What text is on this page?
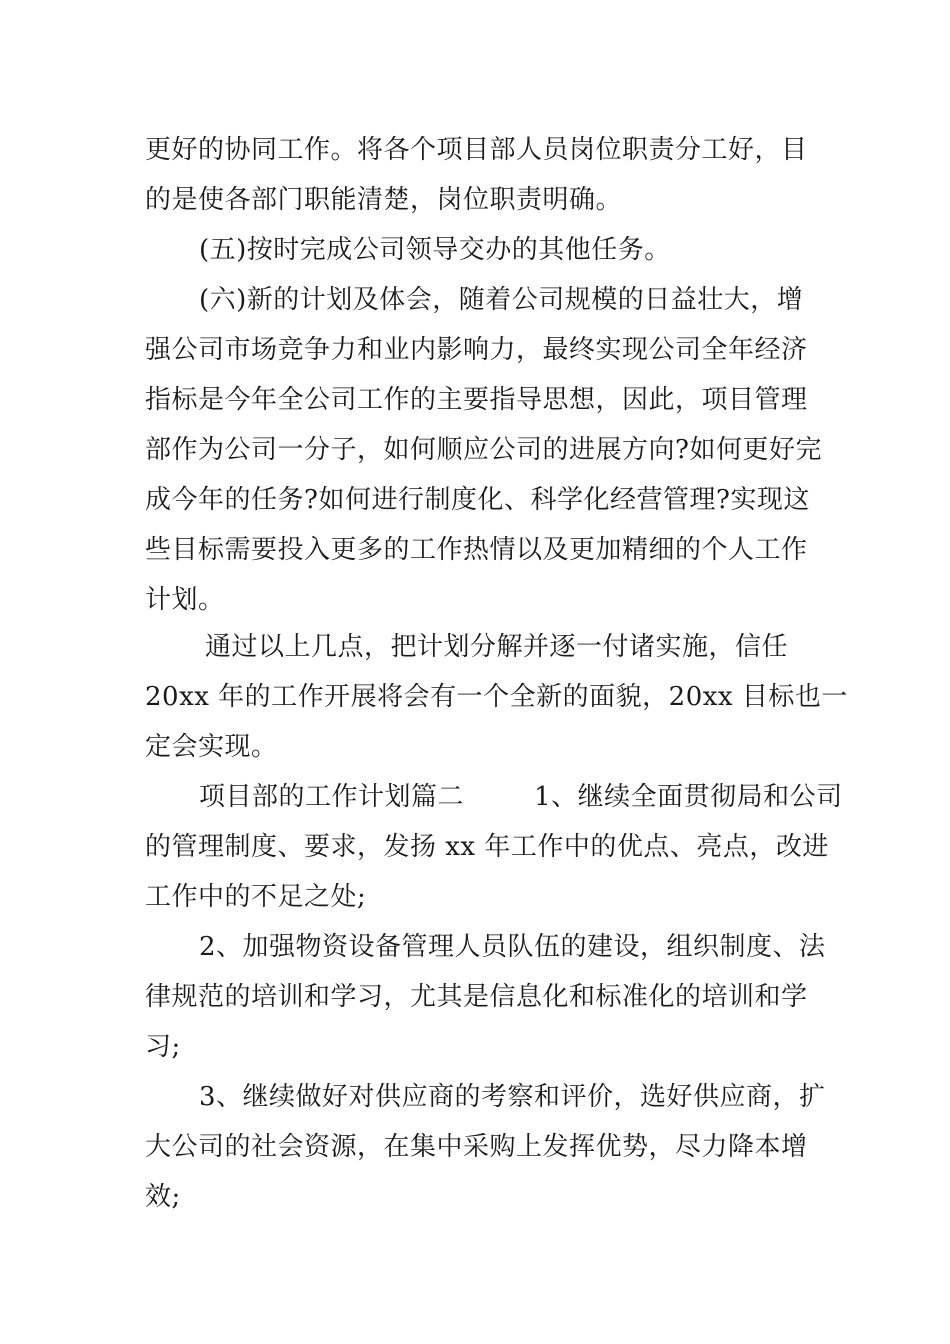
更好的协同工作。将各个项目部人员岗位职责分工好，目
的是使各部门职能清楚，岗位职责明确。
(五)按时完成公司领导交办的其他任务。
(六)新的计划及体会，随着公司规模的日益壮大，增
强公司市场竞争力和业内影响力，最终实现公司全年经济
指标是今年全公司工作的主要指导思想，因此，项目管理
部作为公司一分子，如何顺应公司的进展方向?如何更好完
成今年的任务?如何进行制度化、科学化经营管理?实现这
些目标需要投入更多的工作热情以及更加精细的个人工作
计划。
通过以上几点，把计划分解并逐一付诸实施，信任
20xx 年的工作开展将会有一个全新的面貌，20xx 目标也一
定会实现。
项目部的工作计划篇二        1、继续全面贯彻局和公司
的管理制度、要求，发扬 xx 年工作中的优点、亮点，改进
工作中的不足之处;
2、加强物资设备管理人员队伍的建设，组织制度、法
律规范的培训和学习，尤其是信息化和标准化的培训和学
习;
3、继续做好对供应商的考察和评价，选好供应商，扩
大公司的社会资源，在集中采购上发挥优势，尽力降本增
效;
